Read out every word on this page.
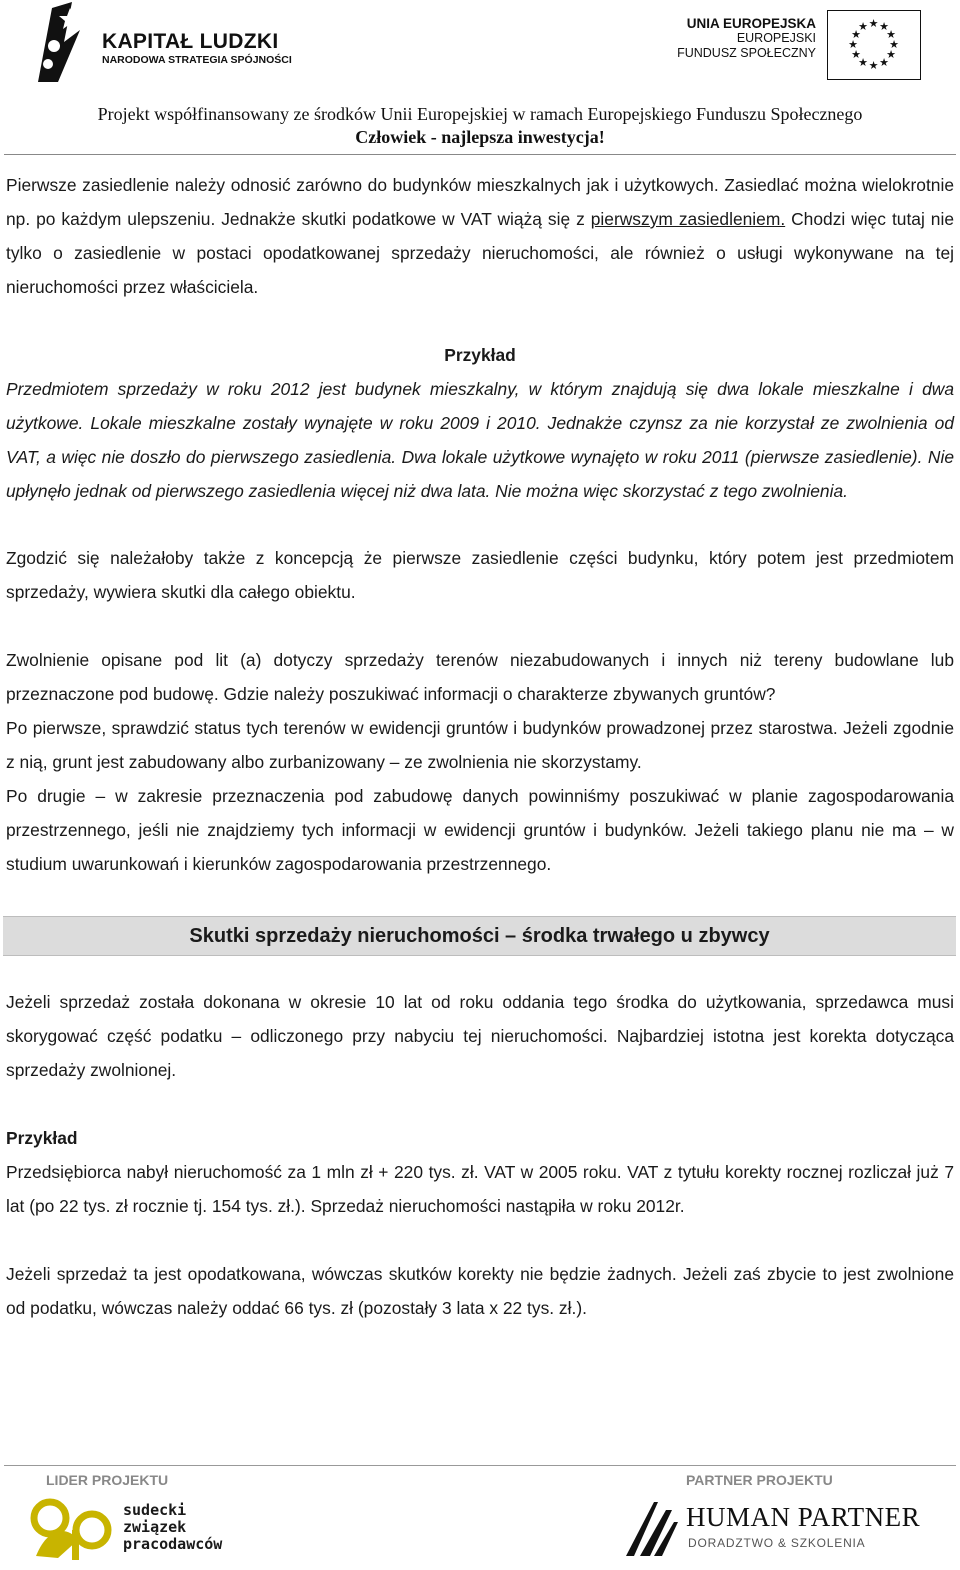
KAPITAŁ LUDZKI
NARODOWA STRATEGIA SPÓJNOŚCI
UNIA EUROPEJSKA
EUROPEJSKI
FUNDUSZ SPOŁECZNY
★ ★
★
★
★
★
★
★
★
★
★
★
Projekt współfinansowany ze środków Unii Europejskiej w ramach Europejskiego Funduszu Społecznego
Człowiek - najlepsza inwestycja!

Pierwsze zasiedlenie należy odnosić zarówno do budynków mieszkalnych jak i użytkowych. Zasiedlać można wielokrotnie np. po każdym ulepszeniu. Jednakże skutki podatkowe w VAT wiążą się z pierwszym zasiedleniem. Chodzi więc tutaj nie tylko o zasiedlenie w postaci opodatkowanej sprzedaży nieruchomości, ale również o usługi wykonywane na tej nieruchomości przez właściciela.

Przykład

Przedmiotem sprzedaży w roku 2012 jest budynek mieszkalny, w którym znajdują się dwa lokale mieszkalne i dwa użytkowe. Lokale mieszkalne zostały wynajęte w roku 2009 i 2010. Jednakże czynsz za nie korzystał ze zwolnienia od VAT, a więc nie doszło do pierwszego zasiedlenia. Dwa lokale użytkowe wynajęto w roku 2011 (pierwsze zasiedlenie). Nie upłynęło jednak od pierwszego zasiedlenia więcej niż dwa lata. Nie można więc skorzystać z tego zwolnienia.

Zgodzić się należałoby także z koncepcją że pierwsze zasiedlenie części budynku, który potem jest przedmiotem sprzedaży, wywiera skutki dla całego obiektu.

Zwolnienie opisane pod lit (a) dotyczy sprzedaży terenów niezabudowanych i innych niż tereny budowlane lub przeznaczone pod budowę. Gdzie należy poszukiwać informacji o charakterze zbywanych gruntów?

Po pierwsze, sprawdzić status tych terenów w ewidencji gruntów i budynków prowadzonej przez starostwa. Jeżeli zgodnie z nią, grunt jest zabudowany albo zurbanizowany – ze zwolnienia nie skorzystamy.

Po drugie – w zakresie przeznaczenia pod zabudowę danych powinniśmy poszukiwać w planie zagospodarowania przestrzennego, jeśli nie znajdziemy tych informacji w ewidencji gruntów i budynków. Jeżeli takiego planu nie ma – w studium uwarunkowań i kierunków zagospodarowania przestrzennego.

Skutki sprzedaży nieruchomości – środka trwałego u zbywcy

Jeżeli sprzedaż została dokonana w okresie 10 lat od roku oddania tego środka do użytkowania, sprzedawca musi skorygować część podatku – odliczonego przy nabyciu tej nieruchomości. Najbardziej istotna jest korekta dotycząca sprzedaży zwolnionej.

Przykład

Przedsiębiorca nabył nieruchomość za 1 mln zł + 220 tys. zł. VAT w 2005 roku. VAT z tytułu korekty rocznej rozliczał już 7 lat (po 22 tys. zł rocznie tj. 154 tys. zł.). Sprzedaż nieruchomości nastąpiła w roku 2012r.

Jeżeli sprzedaż ta jest opodatkowana, wówczas skutków korekty nie będzie żadnych. Jeżeli zaś zbycie to jest zwolnione od podatku, wówczas należy oddać 66 tys. zł (pozostały 3 lata x 22 tys. zł.).

LIDER PROJEKTU	PARTNER PROJEKTU
sudecki
związek
pracodawców
HUMAN PARTNER
DORADZTWO & SZKOLENIA
